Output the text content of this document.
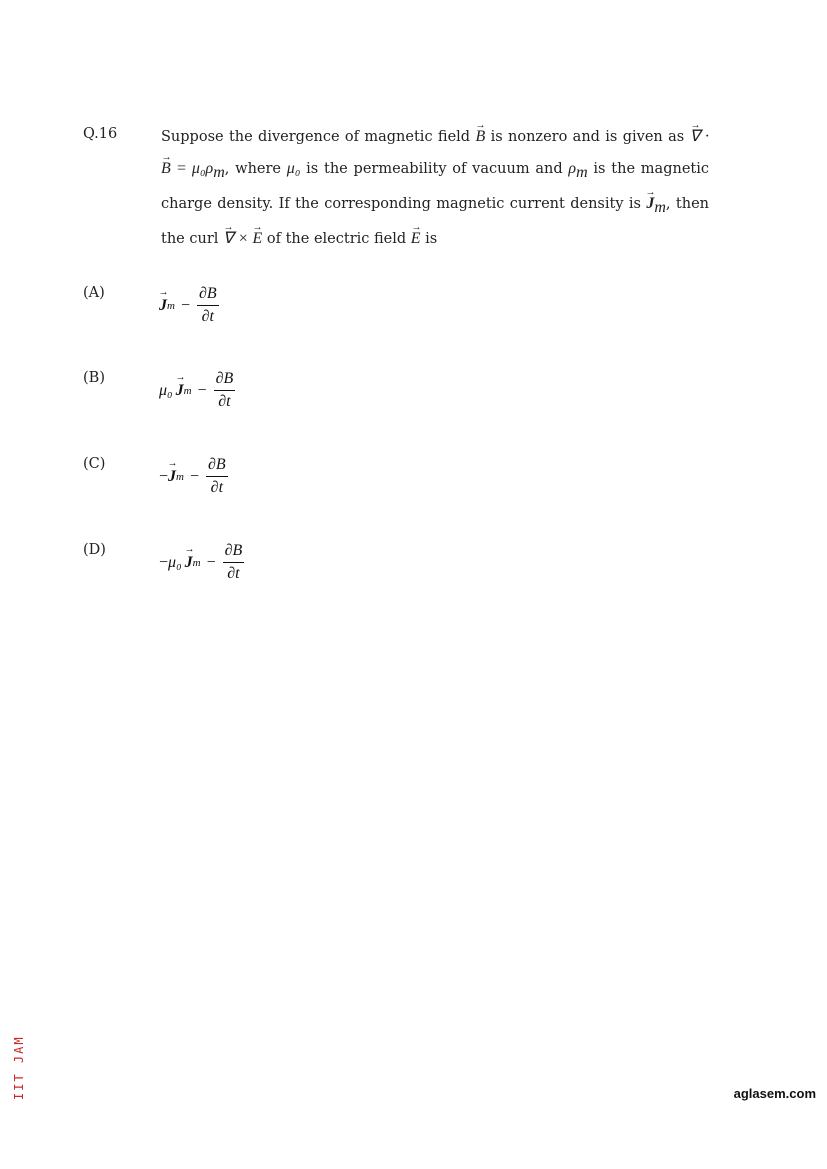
Q.16	Suppose the divergence of magnetic field → B is nonzero and is given as → ∇ · → $B = \mu_0\rho_m$, where μ₀ is the permeability of vacuum and $\rho_m$ is the magnetic charge density. If the corresponding magnetic current density is → $J_m$, then the curl → ∇ × → E of the electric field → E is
(A)
→ J $m - \frac{\partial B}{\partial t}$
(B)
μ₀ → J $m - \frac{\partial B}{\partial t}$
(C)
− → J $m - \frac{\partial B}{\partial t}$
(D)
− μ₀ → J $m - \frac{\partial B}{\partial t}$
IIT JAM	aglasem.com
